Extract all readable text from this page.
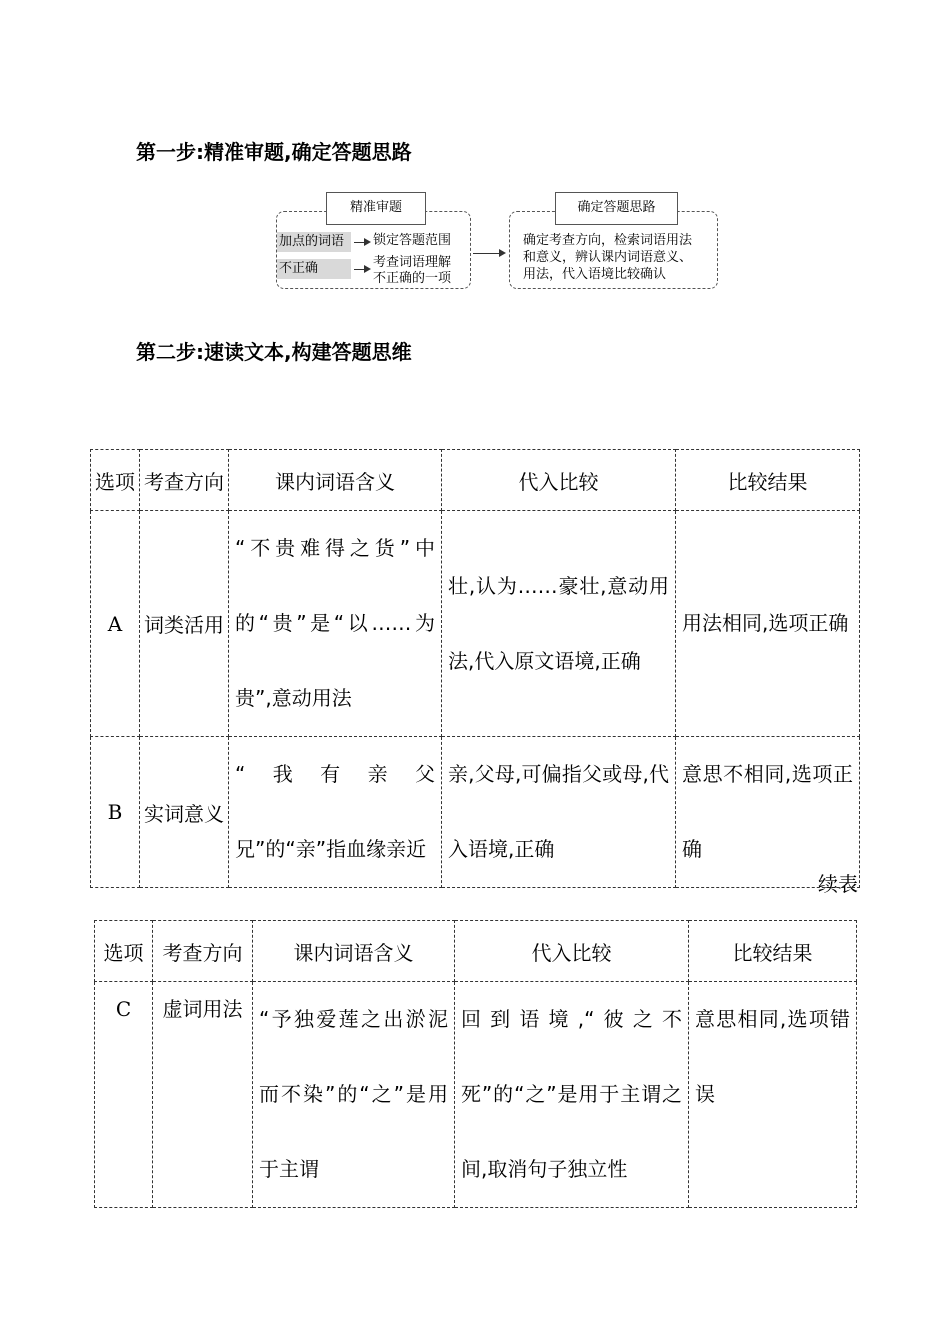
第一步:精准审题,确定答题思路
精准审题
加点的词语	锁定答题范围
不正确	考查词语理解
不正确的一项
确定答题思路
确定考查方向，检索词语用法
和意义，辨认课内词语意义、
用法，代入语境比较确认
第二步:速读文本,构建答题思维
选项	考查方向	课内词语含义	代入比较	比较结果
A	词类活用	“不贵难得之货”中的“贵”是“以……为贵”,意动用法	壮,认为……豪壮,意动用法,代入原文语境,正确	用法相同,选项正确
B	实词意义	“我有亲父兄”的“亲”指血缘亲近	亲,父母,可偏指父或母,代入语境,正确	意思不相同,选项正确
续表
选项	考查方向	课内词语含义	代入比较	比较结果
C	虚词用法	“予独爱莲之出淤泥而不染”的“之”是用于主谓	回到语境,“彼之不死”的“之”是用于主谓之间,取消句子独立性	意思相同,选项错误
